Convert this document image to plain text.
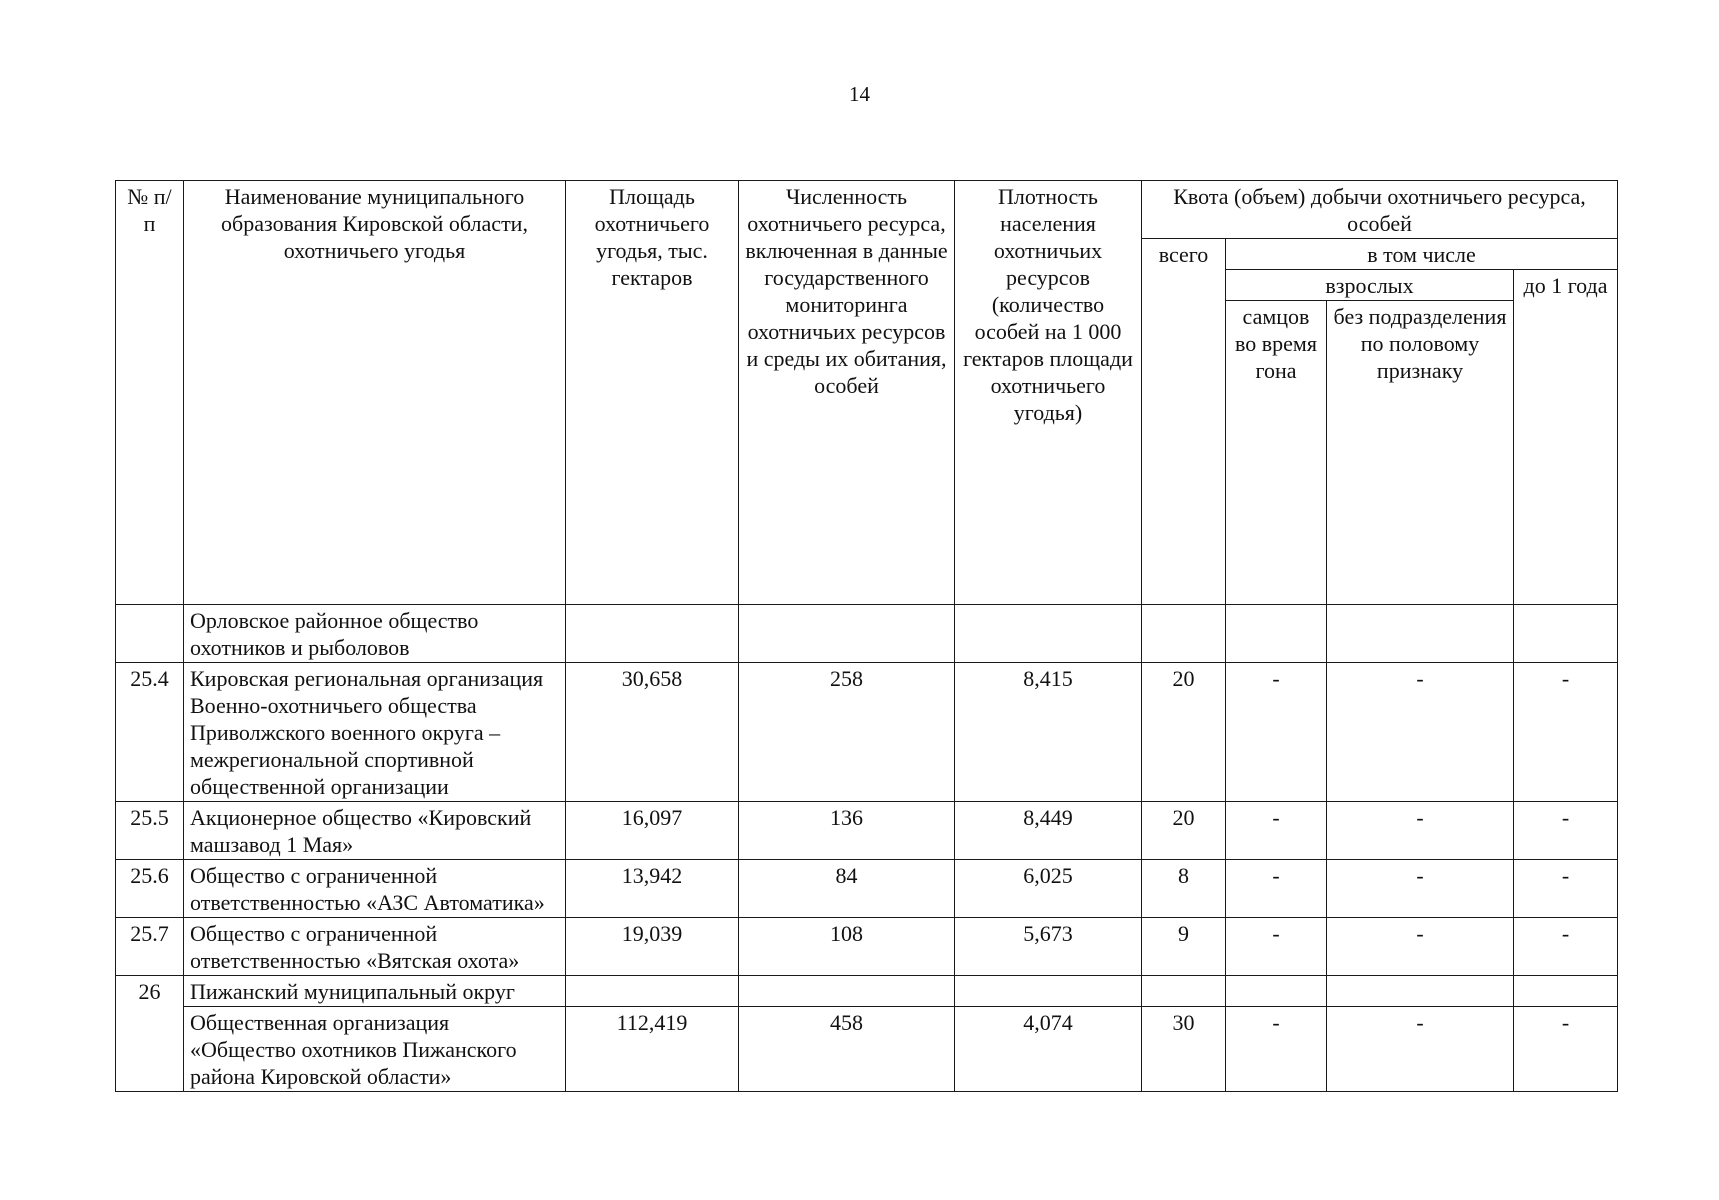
14
№ п/п	Наименование муниципального образования Кировской области, охотничьего угодья	Площадь охотничьего угодья, тыс. гектаров	Численность охотничьего ресурса, включенная в данные государственного мониторинга охотничьих ресурсов и среды их обитания, особей	Плотность населения охотничьих ресурсов (количество особей на 1 000 гектаров площади охотничьего угодья)	Квота (объем) добычи охотничьего ресурса, особей			
					всего	в том числе		
						взрослых		до 1 года
						самцов во время гона	без подразделения по половому признаку	
	Орловское районное общество охотников и рыболовов							
25.4	Кировская региональная организация Военно-охотничьего общества Приволжского военного округа – межрегиональной спортивной общественной организации	30,658	258	8,415	20	-	-	-
25.5	Акционерное общество «Кировский машзавод 1 Мая»	16,097	136	8,449	20	-	-	-
25.6	Общество с ограниченной ответственностью «АЗС Автоматика»	13,942	84	6,025	8	-	-	-
25.7	Общество с ограниченной ответственностью «Вятская охота»	19,039	108	5,673	9	-	-	-
26	Пижанский муниципальный округ							
	Общественная организация «Общество охотников Пижанского района Кировской области»	112,419	458	4,074	30	-	-	-
